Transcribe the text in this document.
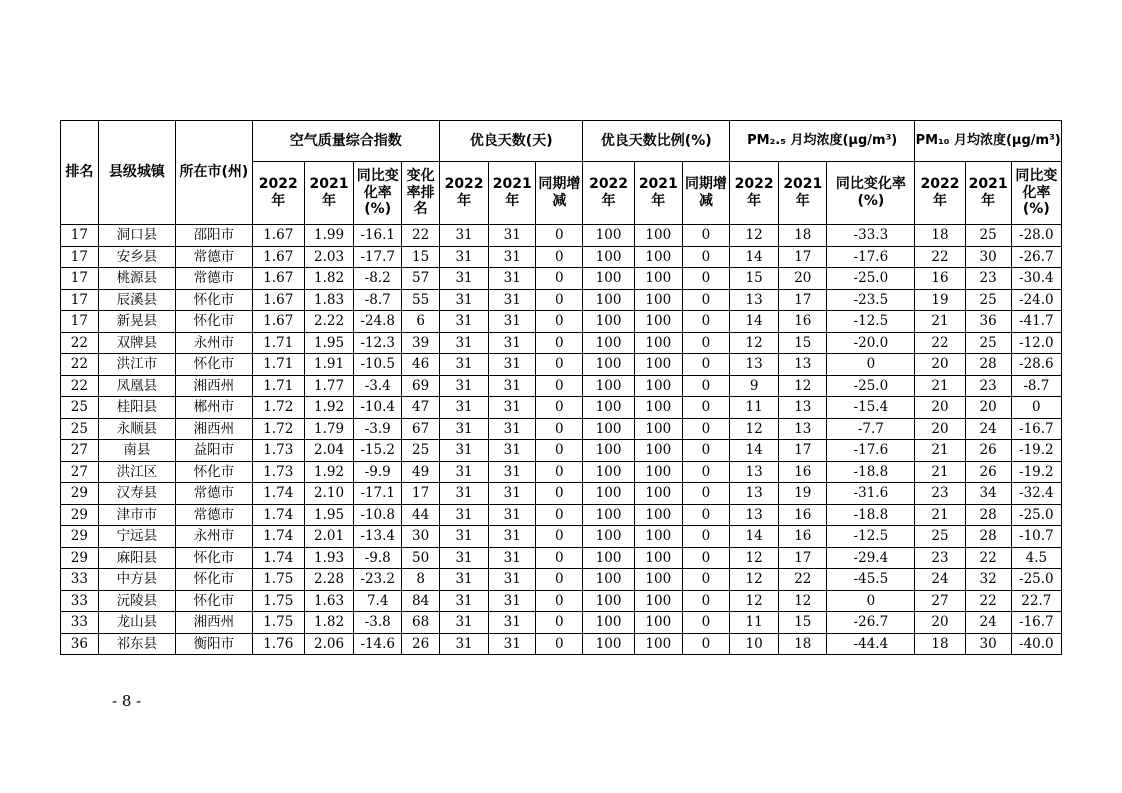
排名	县级城镇	所在市(州)	空气质量综合指数				优良天数(天)			优良天数比例(%)			PM₂.₅ 月均浓度(μg/m³)			PM₁₀ 月均浓度(μg/m³)		
			2022年	2021年	同比变化率(%)	变化率排名	2022年	2021年	同期增减	2022年	2021年	同期增减	2022年	2021年	同比变化率(%)	2022年	2021年	同比变化率(%)
17	洞口县	邵阳市	1.67	1.99	-16.1	22	31	31	0	100	100	0	12	18	-33.3	18	25	-28.0
17	安乡县	常德市	1.67	2.03	-17.7	15	31	31	0	100	100	0	14	17	-17.6	22	30	-26.7
17	桃源县	常德市	1.67	1.82	-8.2	57	31	31	0	100	100	0	15	20	-25.0	16	23	-30.4
17	辰溪县	怀化市	1.67	1.83	-8.7	55	31	31	0	100	100	0	13	17	-23.5	19	25	-24.0
17	新晃县	怀化市	1.67	2.22	-24.8	6	31	31	0	100	100	0	14	16	-12.5	21	36	-41.7
22	双牌县	永州市	1.71	1.95	-12.3	39	31	31	0	100	100	0	12	15	-20.0	22	25	-12.0
22	洪江市	怀化市	1.71	1.91	-10.5	46	31	31	0	100	100	0	13	13	0	20	28	-28.6
22	凤凰县	湘西州	1.71	1.77	-3.4	69	31	31	0	100	100	0	9	12	-25.0	21	23	-8.7
25	桂阳县	郴州市	1.72	1.92	-10.4	47	31	31	0	100	100	0	11	13	-15.4	20	20	0
25	永顺县	湘西州	1.72	1.79	-3.9	67	31	31	0	100	100	0	12	13	-7.7	20	24	-16.7
27	南县	益阳市	1.73	2.04	-15.2	25	31	31	0	100	100	0	14	17	-17.6	21	26	-19.2
27	洪江区	怀化市	1.73	1.92	-9.9	49	31	31	0	100	100	0	13	16	-18.8	21	26	-19.2
29	汉寿县	常德市	1.74	2.10	-17.1	17	31	31	0	100	100	0	13	19	-31.6	23	34	-32.4
29	津市市	常德市	1.74	1.95	-10.8	44	31	31	0	100	100	0	13	16	-18.8	21	28	-25.0
29	宁远县	永州市	1.74	2.01	-13.4	30	31	31	0	100	100	0	14	16	-12.5	25	28	-10.7
29	麻阳县	怀化市	1.74	1.93	-9.8	50	31	31	0	100	100	0	12	17	-29.4	23	22	4.5
33	中方县	怀化市	1.75	2.28	-23.2	8	31	31	0	100	100	0	12	22	-45.5	24	32	-25.0
33	沅陵县	怀化市	1.75	1.63	7.4	84	31	31	0	100	100	0	12	12	0	27	22	22.7
33	龙山县	湘西州	1.75	1.82	-3.8	68	31	31	0	100	100	0	11	15	-26.7	20	24	-16.7
36	祁东县	衡阳市	1.76	2.06	-14.6	26	31	31	0	100	100	0	10	18	-44.4	18	30	-40.0
- 8 -
